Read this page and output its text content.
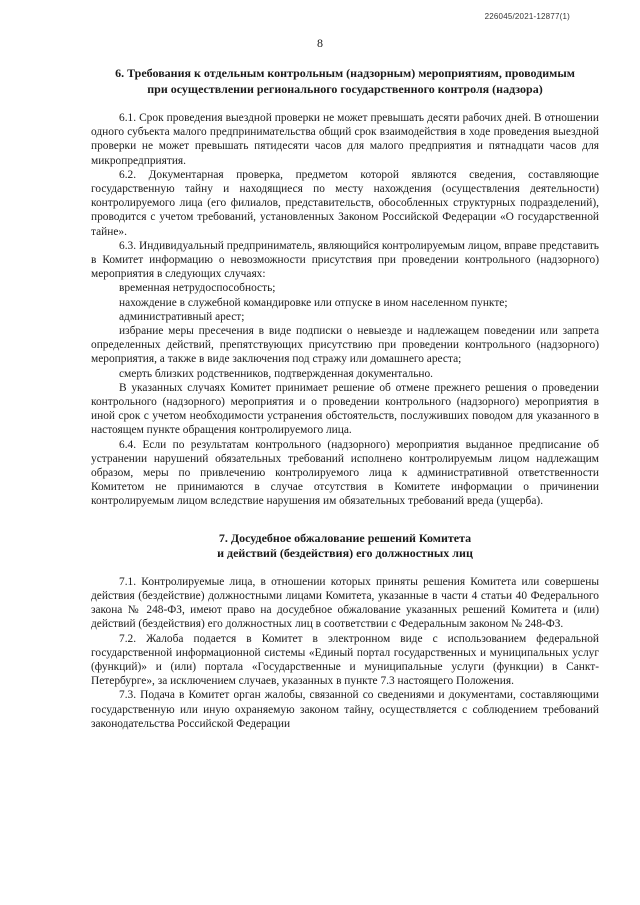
226045/2021-12877(1)
8
6. Требования к отдельным контрольным (надзорным) мероприятиям, проводимым
при осуществлении регионального государственного контроля (надзора)

6.1. Срок проведения выездной проверки не может превышать десяти рабочих дней. В отношении одного субъекта малого предпринимательства общий срок взаимодействия в ходе проведения выездной проверки не может превышать пятидесяти часов для малого предприятия и пятнадцати часов для микропредприятия.

6.2. Документарная проверка, предметом которой являются сведения, составляющие государственную тайну и находящиеся по месту нахождения (осуществления деятельности) контролируемого лица (его филиалов, представительств, обособленных структурных подразделений), проводится с учетом требований, установленных Законом Российской Федерации «О государственной тайне».

6.3. Индивидуальный предприниматель, являющийся контролируемым лицом, вправе представить в Комитет информацию о невозможности присутствия при проведении контрольного (надзорного) мероприятия в следующих случаях:

временная нетрудоспособность;

нахождение в служебной командировке или отпуске в ином населенном пункте;

административный арест;

избрание меры пресечения в виде подписки о невыезде и надлежащем поведении или запрета определенных действий, препятствующих присутствию при проведении контрольного (надзорного) мероприятия, а также в виде заключения под стражу или домашнего ареста;

смерть близких родственников, подтвержденная документально.

В указанных случаях Комитет принимает решение об отмене прежнего решения о проведении контрольного (надзорного) мероприятия и о проведении контрольного (надзорного) мероприятия в иной срок с учетом необходимости устранения обстоятельств, послуживших поводом для указанного в настоящем пункте обращения контролируемого лица.

6.4. Если по результатам контрольного (надзорного) мероприятия выданное предписание об устранении нарушений обязательных требований исполнено контролируемым лицом надлежащим образом, меры по привлечению контролируемого лица к административной ответственности Комитетом не принимаются в случае отсутствия в Комитете информации о причинении контролируемым лицом вследствие нарушения им обязательных требований вреда (ущерба).

7. Досудебное обжалование решений Комитета
и действий (бездействия) его должностных лиц

7.1. Контролируемые лица, в отношении которых приняты решения Комитета или совершены действия (бездействие) должностными лицами Комитета, указанные в части 4 статьи 40 Федерального закона № 248-ФЗ, имеют право на досудебное обжалование указанных решений Комитета и (или) действий (бездействия) его должностных лиц в соответствии с Федеральным законом № 248-ФЗ.

7.2. Жалоба подается в Комитет в электронном виде с использованием федеральной государственной информационной системы «Единый портал государственных и муниципальных услуг (функций)» и (или) портала «Государственные и муниципальные услуги (функции) в Санкт-Петербурге», за исключением случаев, указанных в пункте 7.3 настоящего Положения.

7.3. Подача в Комитет орган жалобы, связанной со сведениями и документами, составляющими государственную или иную охраняемую законом тайну, осуществляется с соблюдением требований законодательства Российской Федерации
